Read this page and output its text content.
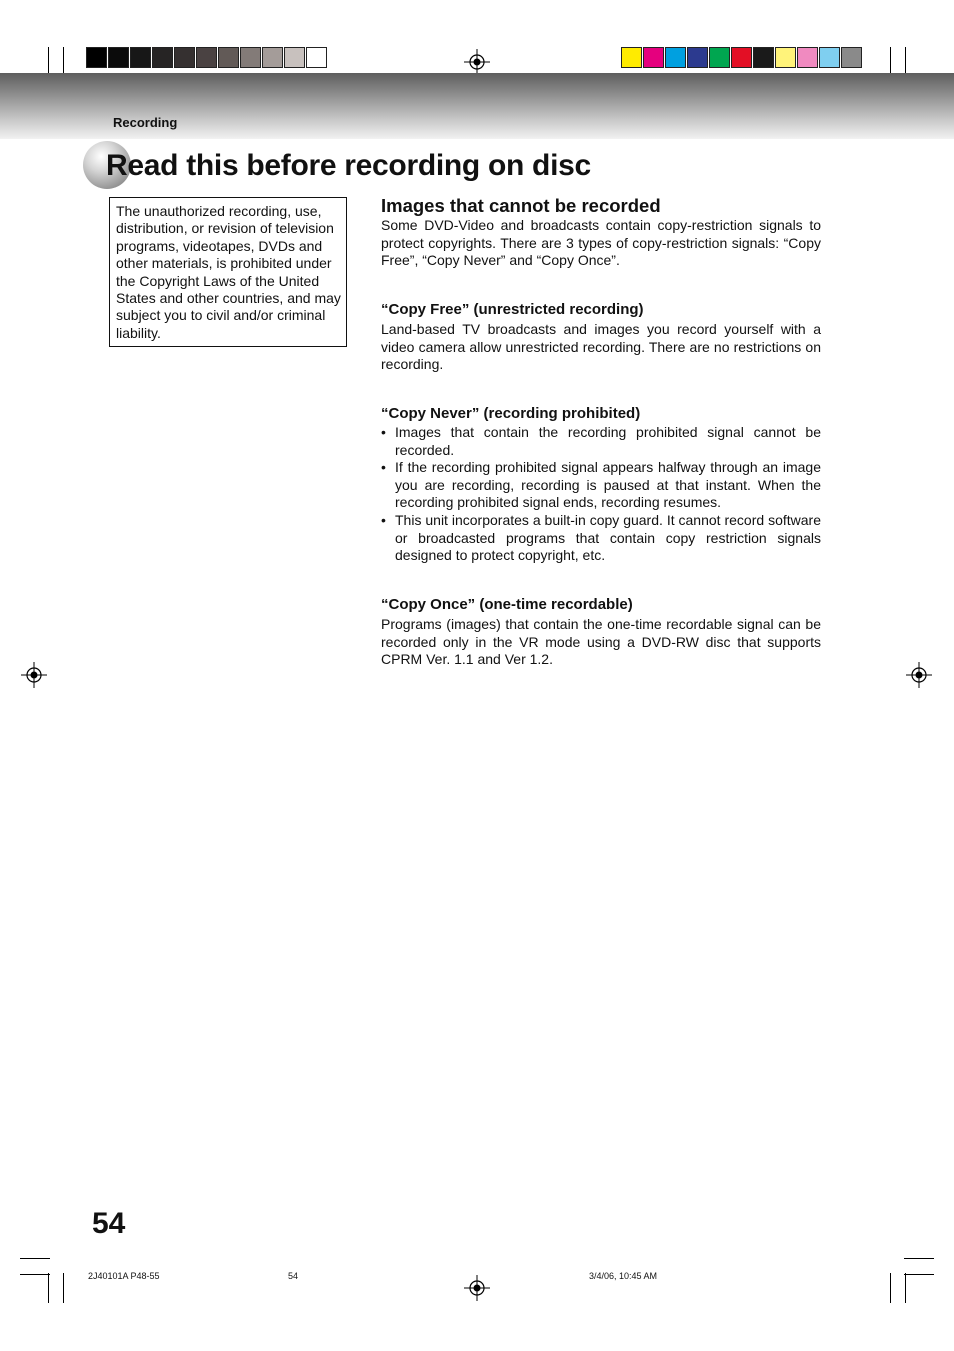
Recording
Read this before recording on disc
The unauthorized recording, use, distribution, or revision of television programs, videotapes, DVDs and other materials, is prohibited under the Copyright Laws of the United States and other countries, and may subject you to civil and/or criminal liability.
Images that cannot be recorded
Some DVD-Video and broadcasts contain copy-restriction signals to protect copyrights. There are 3 types of copy-restriction signals: “Copy Free”, “Copy Never” and “Copy Once”.
“Copy Free” (unrestricted recording)
Land-based TV broadcasts and images you record yourself with a video camera allow unrestricted recording. There are no restrictions on recording.
“Copy Never” (recording prohibited)
• Images that contain the recording prohibited signal cannot be recorded.
• If the recording prohibited signal appears halfway through an image you are recording, recording is paused at that instant. When the recording prohibited signal ends, recording resumes.
• This unit incorporates a built-in copy guard. It cannot record software or broadcasted programs that contain copy restriction signals designed to protect copyright, etc.
“Copy Once” (one-time recordable)
Programs (images) that contain the one-time recordable signal can be recorded only in the VR mode using a DVD-RW disc that supports CPRM Ver. 1.1 and Ver 1.2.
54
2J40101A P48-55	54	3/4/06, 10:45 AM
